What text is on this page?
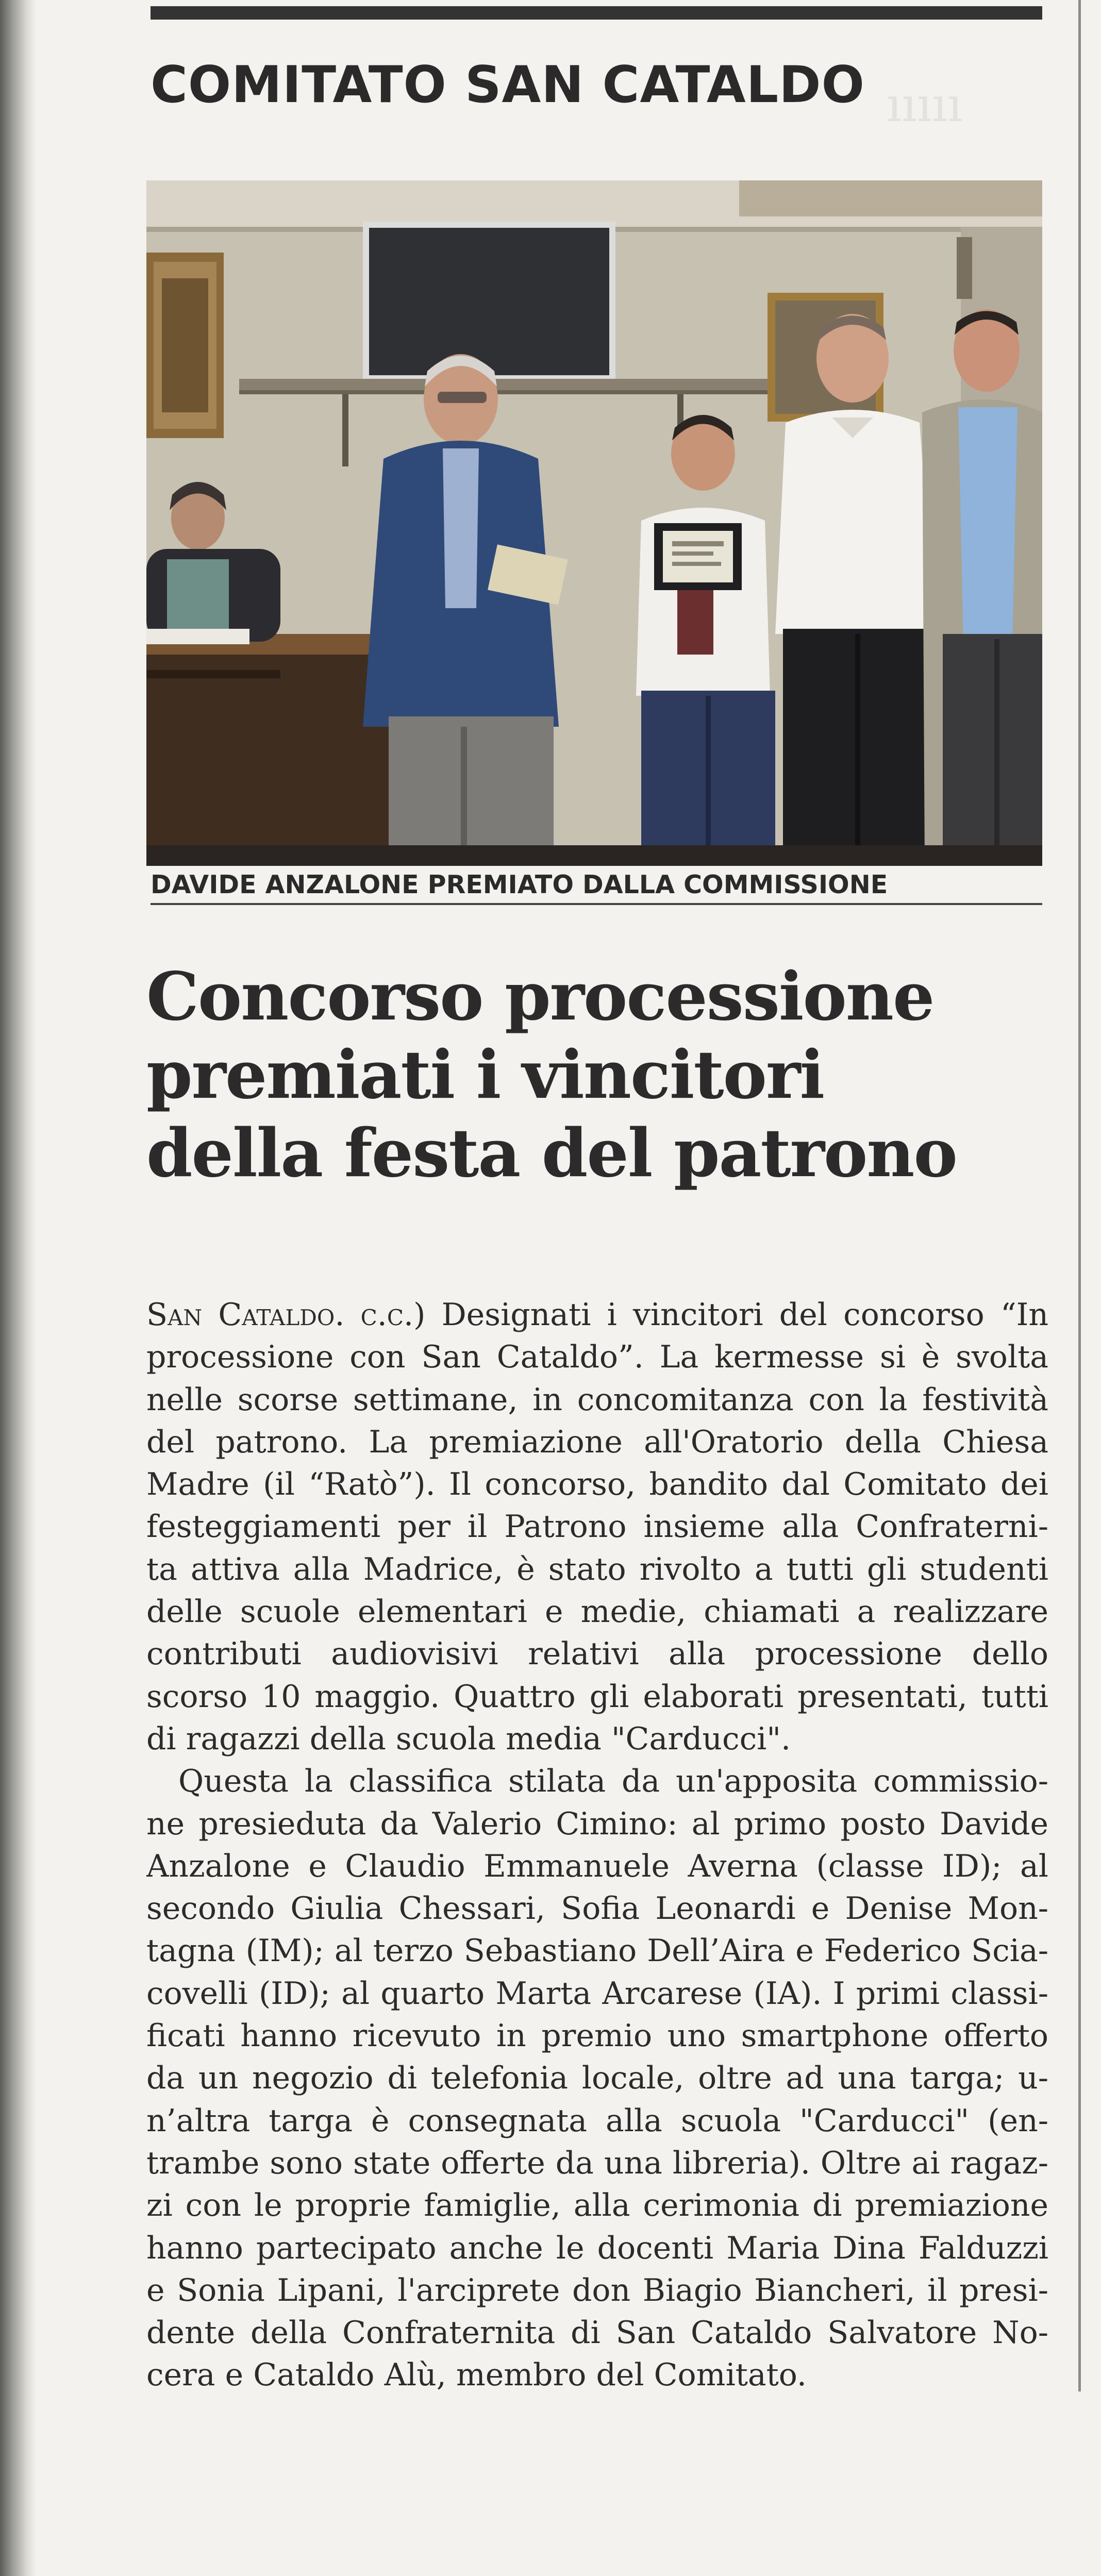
ııııı
COMITATO SAN CATALDO

DAVIDE ANZALONE PREMIATO DALLA COMMISSIONE

Concorso processione
premiati i vincitori
della festa del patrono
San Cataldo. c.c.) Designati i vincitori del concorso “In
processione con San Cataldo”. La kermesse si è svolta
nelle scorse settimane, in concomitanza con la festività
del patrono. La premiazione all'Oratorio della Chiesa
Madre (il “Ratò”). Il concorso, bandito dal Comitato dei
festeggiamenti per il Patrono insieme alla Confraterni-
ta attiva alla Madrice, è stato rivolto a tutti gli studenti
delle scuole elementari e medie, chiamati a realizzare
contributi audiovisivi relativi alla processione dello
scorso 10 maggio. Quattro gli elaborati presentati, tutti
di ragazzi della scuola media "Carducci".
Questa la classifica stilata da un'apposita commissio-
ne presieduta da Valerio Cimino: al primo posto Davide
Anzalone e Claudio Emmanuele Averna (classe ID); al
secondo Giulia Chessari, Sofia Leonardi e Denise Mon-
tagna (IM); al terzo Sebastiano Dell’Aira e Federico Scia-
covelli (ID); al quarto Marta Arcarese (IA). I primi classi-
ficati hanno ricevuto in premio uno smartphone offerto
da un negozio di telefonia locale, oltre ad una targa; u-
n’altra targa è consegnata alla scuola "Carducci" (en-
trambe sono state offerte da una libreria). Oltre ai ragaz-
zi con le proprie famiglie, alla cerimonia di premiazione
hanno partecipato anche le docenti Maria Dina Falduzzi
e Sonia Lipani, l'arciprete don Biagio Biancheri, il presi-
dente della Confraternita di San Cataldo Salvatore No-
cera e Cataldo Alù, membro del Comitato.
